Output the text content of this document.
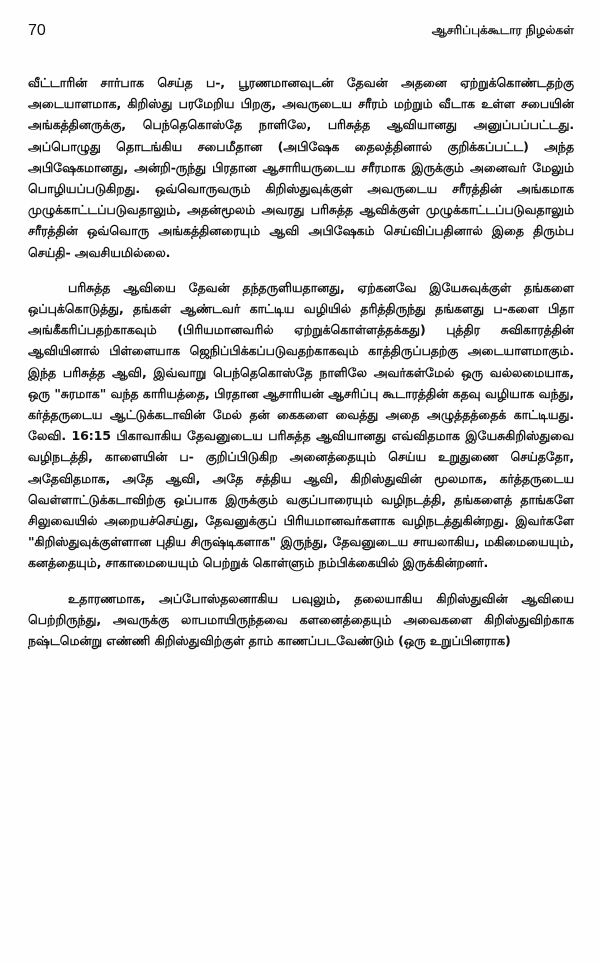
70	ஆசரிப்புக்கூடார நிழல்கள்

வீட்டாரின் சார்பாக செய்த ப-, பூரணமானவுடன் தேவன் அதனை ஏற்றுக்கொண்டதற்கு அடையாளமாக, கிறிஸ்து பரமேறிய பிறகு, அவருடைய சரீரம் மற்றும் வீடாக உள்ள சபையின் அங்கத்தினருக்கு, பெந்தெகொஸ்தே நாளிலே, பரிசுத்த ஆவியானது அனுப்பப்பட்டது. அப்பொழுது தொடங்கிய சபைமீதான (அபிஷேக தைலத்தினால் குறிக்கப்பட்ட) அந்த அபிஷேகமானது, அன்றி-ருந்து பிரதான ஆசாரியருடைய சரீரமாக இருக்கும் அனைவர் மேலும் பொழியப்படுகிறது. ஒவ்வொருவரும் கிறிஸ்துவுக்குள் அவருடைய சரீரத்தின் அங்கமாக முழுக்காட்டப்படுவதாலும், அதன்மூலம் அவரது பரிசுத்த ஆவிக்குள் முழுக்காட்டப்படுவதாலும் சரீரத்தின் ஒவ்வொரு அங்கத்தினரையும் ஆவி அபிஷேகம் செய்விப்பதினால் இதை திரும்ப செய்தி- அவசியமில்லை.

பரிசுத்த ஆவியை தேவன் தந்தருளியதானது, ஏற்கனவே இயேசுவுக்குள் தங்களை ஒப்புக்கொடுத்து, தங்கள் ஆண்டவர் காட்டிய வழியில் தரித்திருந்து தங்களது ப-களை பிதா அங்கீகரிப்பதற்காகவும் (பிரியமானவரில் ஏற்றுக்கொள்ளத்தக்கது) புத்திர சுவிகாரத்தின் ஆவியினால் பிள்ளையாக ஜெநிப்பிக்கப்படுவதற்காகவும் காத்திருப்பதற்கு அடையாளமாகும். இந்த பரிசுத்த ஆவி, இவ்வாறு பெந்தெகொஸ்தே நாளிலே அவர்கள்மேல் ஒரு வல்லமையாக, ஒரு "சுரமாக" வந்த காரியத்தை, பிரதான ஆசாரியன் ஆசரிப்பு கூடாரத்தின் கதவு வழியாக வந்து, கர்த்தருடைய ஆட்டுக்கடாவின் மேல் தன் கைகளை வைத்து அதை அழுத்தத்தைக் காட்டியது. லேவி. 16:15 பிகாவாகிய தேவனுடைய பரிசுத்த ஆவியானது எவ்விதமாக இயேசுகிறிஸ்துவை வழிநடத்தி, காளையின் ப- குறிப்பிடுகிற அனைத்தையும் செய்ய உறுதுணை செய்ததோ, அதேவிதமாக, அதே ஆவி, அதே சத்திய ஆவி, கிறிஸ்துவின் மூலமாக, கர்த்தருடைய வெள்ளாட்டுக்கடாவிற்கு ஒப்பாக இருக்கும் வகுப்பாரையும் வழிநடத்தி, தங்களைத் தாங்களே சிலுவையில் அறையச்செய்து, தேவனுக்குப் பிரியமானவர்களாக வழிநடத்துகின்றது. இவர்களே "கிறிஸ்துவுக்குள்ளான புதிய சிருஷ்டிகளாக" இருந்து, தேவனுடைய சாயலாகிய, மகிமையையும், கனத்தையும், சாகாமையையும் பெற்றுக் கொள்ளும் நம்பிக்கையில் இருக்கின்றனர்.

உதாரணமாக, அப்போஸ்தலனாகிய பவுலும், தலையாகிய கிறிஸ்துவின் ஆவியை பெற்றிருந்து, அவருக்கு லாபமாயிருந்தவை களனைத்தையும் அவைகளை கிறிஸ்துவிற்காக நஷ்டமென்று எண்ணி கிறிஸ்துவிற்குள் தாம் காணப்படவேண்டும் (ஒரு உறுப்பினராக)
